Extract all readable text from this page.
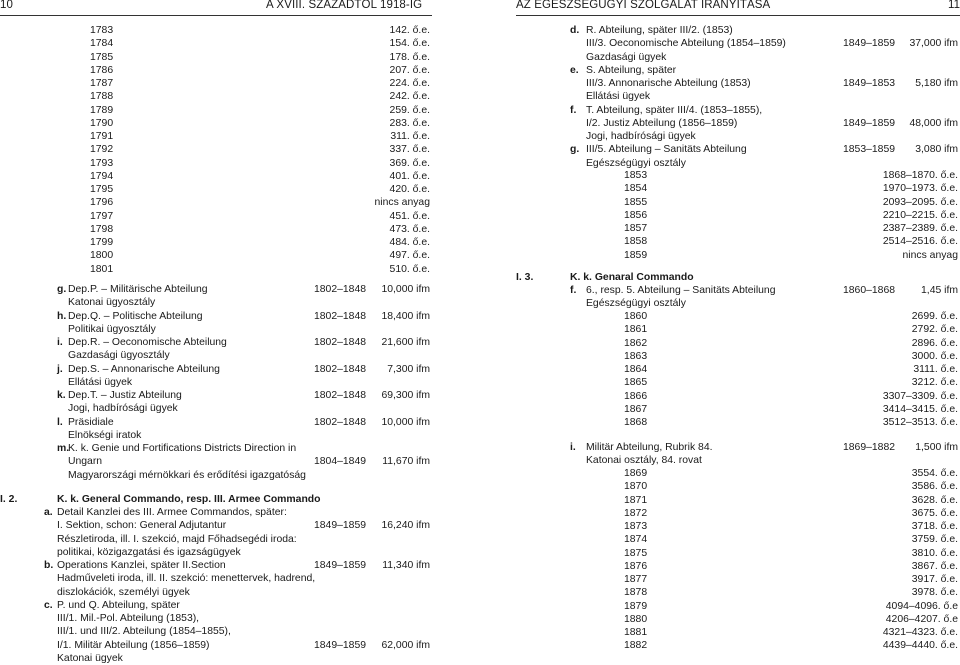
10	A XVIII. SZÁZADTÓL 1918-IG	AZ EGÉSZSÉGÜGYI SZOLGÁLAT IRÁNYÍTÁSA	11
1783	142. ő.e.
1784	154. ő.e.
1785	178. ő.e.
1786	207. ő.e.
1787	224. ő.e.
1788	242. ő.e.
1789	259. ő.e.
1790	283. ő.e.
1791	311. ő.e.
1792	337. ő.e.
1793	369. ő.e.
1794	401. ő.e.
1795	420. ő.e.
1796	nincs anyag
1797	451. ő.e.
1798	473. ő.e.
1799	484. ő.e.
1800	497. ő.e.
1801	510. ő.e.
g. Dep.P. – Militärische Abteilung	1802–1848 10,000 ifm
Katonai ügyosztály
h. Dep.Q. – Politische Abteilung	1802–1848 18,400 ifm
Politikai ügyosztály
i. Dep.R. – Oeconomische Abteilung	1802–1848 21,600 ifm
Gazdasági ügyosztály
j. Dep.S. – Annonarische Abteilung	1802–1848 7,300 ifm
Ellátási ügyek
k. Dep.T. – Justiz Abteilung	1802–1848 69,300 ifm
Jogi, hadbírósági ügyek
l. Präsidiale	1802–1848 10,000 ifm
Elnökségi iratok
m.
K. k. Genie und Fortifications Districts Direction in
Ungarn	1804–1849 11,670 ifm
Magyarországi mérnökkari és erődítési igazgatóság
I. 2.	K. k. General Commando, resp. III. Armee Commando
a. Detail Kanzlei des III. Armee Commandos, später:
I. Sektion, schon: General Adjutantur	1849–1859 16,240 ifm
Részletiroda, ill. I. szekció, majd Főhadsegédi iroda:
politikai, közigazgatási és igazságügyek
b. Operations Kanzlei, später II.Section	1849–1859 11,340 ifm
Hadműveleti iroda, ill. II. szekció: menettervek, hadrend,
diszlokációk, személyi ügyek
c. P. und Q. Abteilung, später
III/1. Mil.-Pol. Abteilung (1853),
III/1. und III/2. Abteilung (1854–1855),
I/1. Militär Abteilung (1856–1859)	1849–1859 62,000 ifm
Katonai ügyek
d. R. Abteilung, später III/2. (1853)
III/3. Oeconomische Abteilung (1854–1859)	1849–1859 37,000 ifm
Gazdasági ügyek
e. S. Abteilung, später
III/3. Annonarische Abteilung (1853)	1849–1853 5,180 ifm
Ellátási ügyek
f. T. Abteilung, später III/4. (1853–1855),
I/2. Justiz Abteilung (1856–1859)	1849–1859 48,000 ifm
Jogi, hadbírósági ügyek
g. III/5. Abteilung – Sanitäts Abteilung	1853–1859 3,080 ifm
Egészségügyi osztály
1853	1868–1870. ő.e.
1854	1970–1973. ő.e.
1855	2093–2095. ő.e.
1856	2210–2215. ő.e.
1857	2387–2389. ő.e.
1858	2514–2516. ő.e.
1859	nincs anyag
I. 3.	K. k. Genaral Commando
f. 6., resp. 5. Abteilung – Sanitäts Abteilung	1860–1868	1,45 ifm
Egészségügyi osztály
1860	2699. ő.e.
1861	2792. ő.e.
1862	2896. ő.e.
1863	3000. ő.e.
1864	3111. ő.e.
1865	3212. ő.e.
1866	3307–3309. ő.e.
1867	3414–3415. ő.e.
1868	3512–3513. ő.e.
i. Militär Abteilung, Rubrik 84.	1869–1882 1,500 ifm
Katonai osztály, 84. rovat
1869	3554. ő.e.
1870	3586. ő.e.
1871	3628. ő.e.
1872	3675. ő.e.
1873	3718. ő.e.
1874	3759. ő.e.
1875	3810. ő.e.
1876	3867. ő.e.
1877	3917. ő.e.
1878	3978. ő.e.
1879	4094–4096. ő.e
1880	4206–4207. ő.e
1881	4321–4323. ő.e.
1882	4439–4440. ő.e.
